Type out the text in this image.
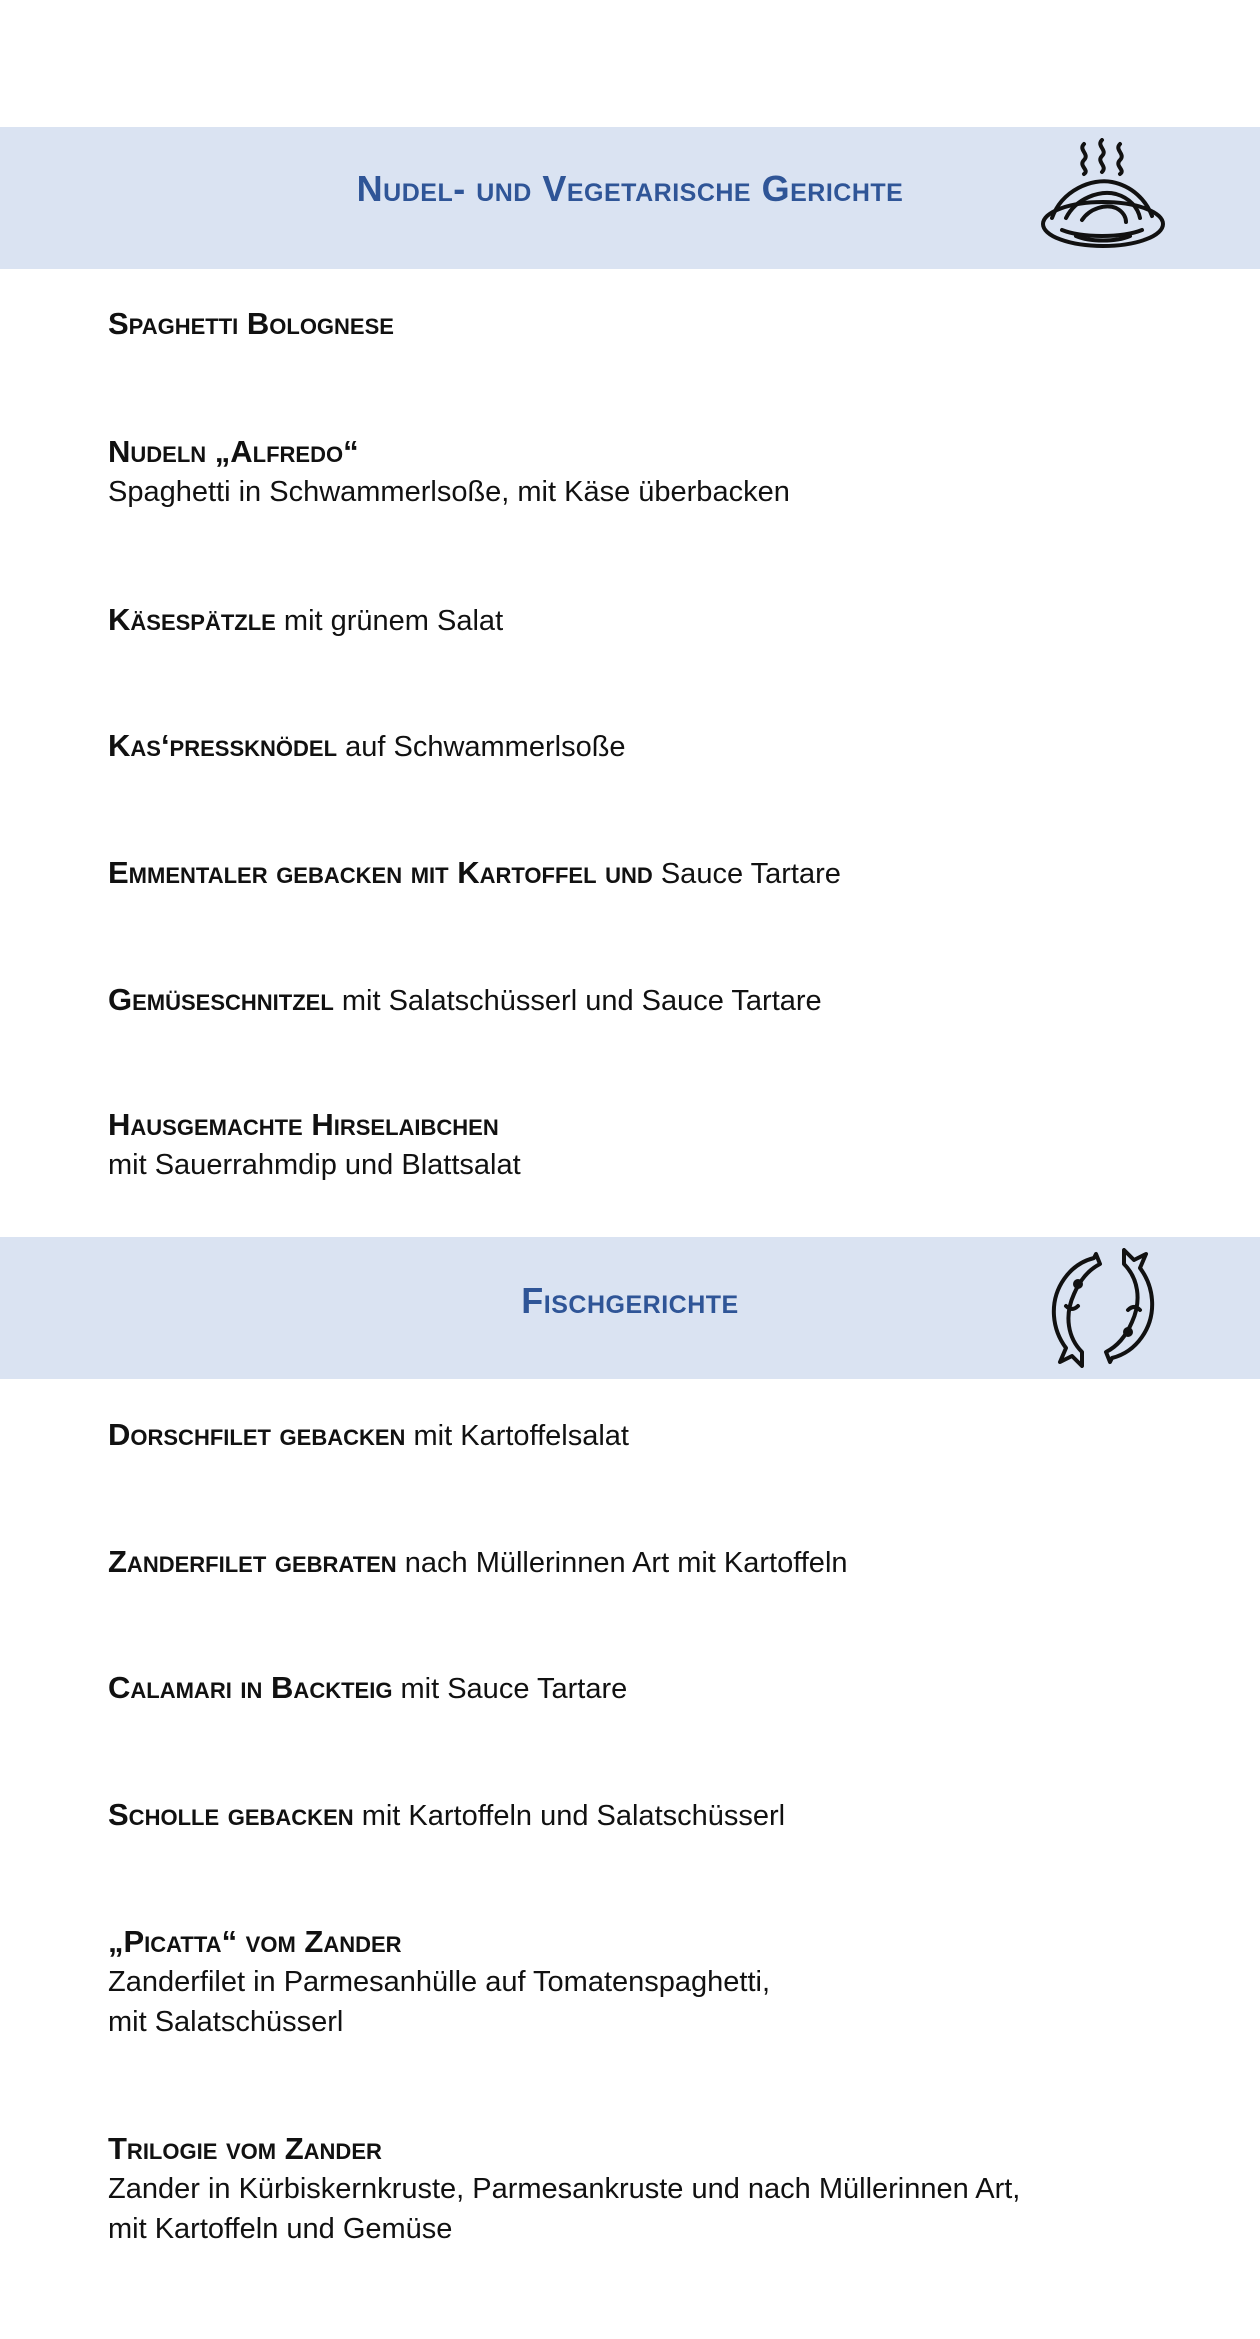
Nudel- und Vegetarische Gerichte
Spaghetti Bolognese
Nudeln „Alfredo“
Spaghetti in Schwammerlsoße, mit Käse überbacken
Käsespätzle mit grünem Salat
Kas‘pressknödel auf Schwammerlsoße
Emmentaler gebacken mit Kartoffel und Sauce Tartare
Gemüseschnitzel mit Salatschüsserl und Sauce Tartare
Hausgemachte Hirselaibchen
mit Sauerrahmdip und Blattsalat
Fischgerichte
Dorschfilet gebacken mit Kartoffelsalat
Zanderfilet gebraten nach Müllerinnen Art mit Kartoffeln
Calamari in Backteig mit Sauce Tartare
Scholle gebacken mit Kartoffeln und Salatschüsserl
„Picatta“ vom Zander
Zanderfilet in Parmesanhülle auf Tomatenspaghetti,
mit Salatschüsserl
Trilogie vom Zander
Zander in Kürbiskernkruste, Parmesankruste und nach Müllerinnen Art,
mit Kartoffeln und Gemüse
